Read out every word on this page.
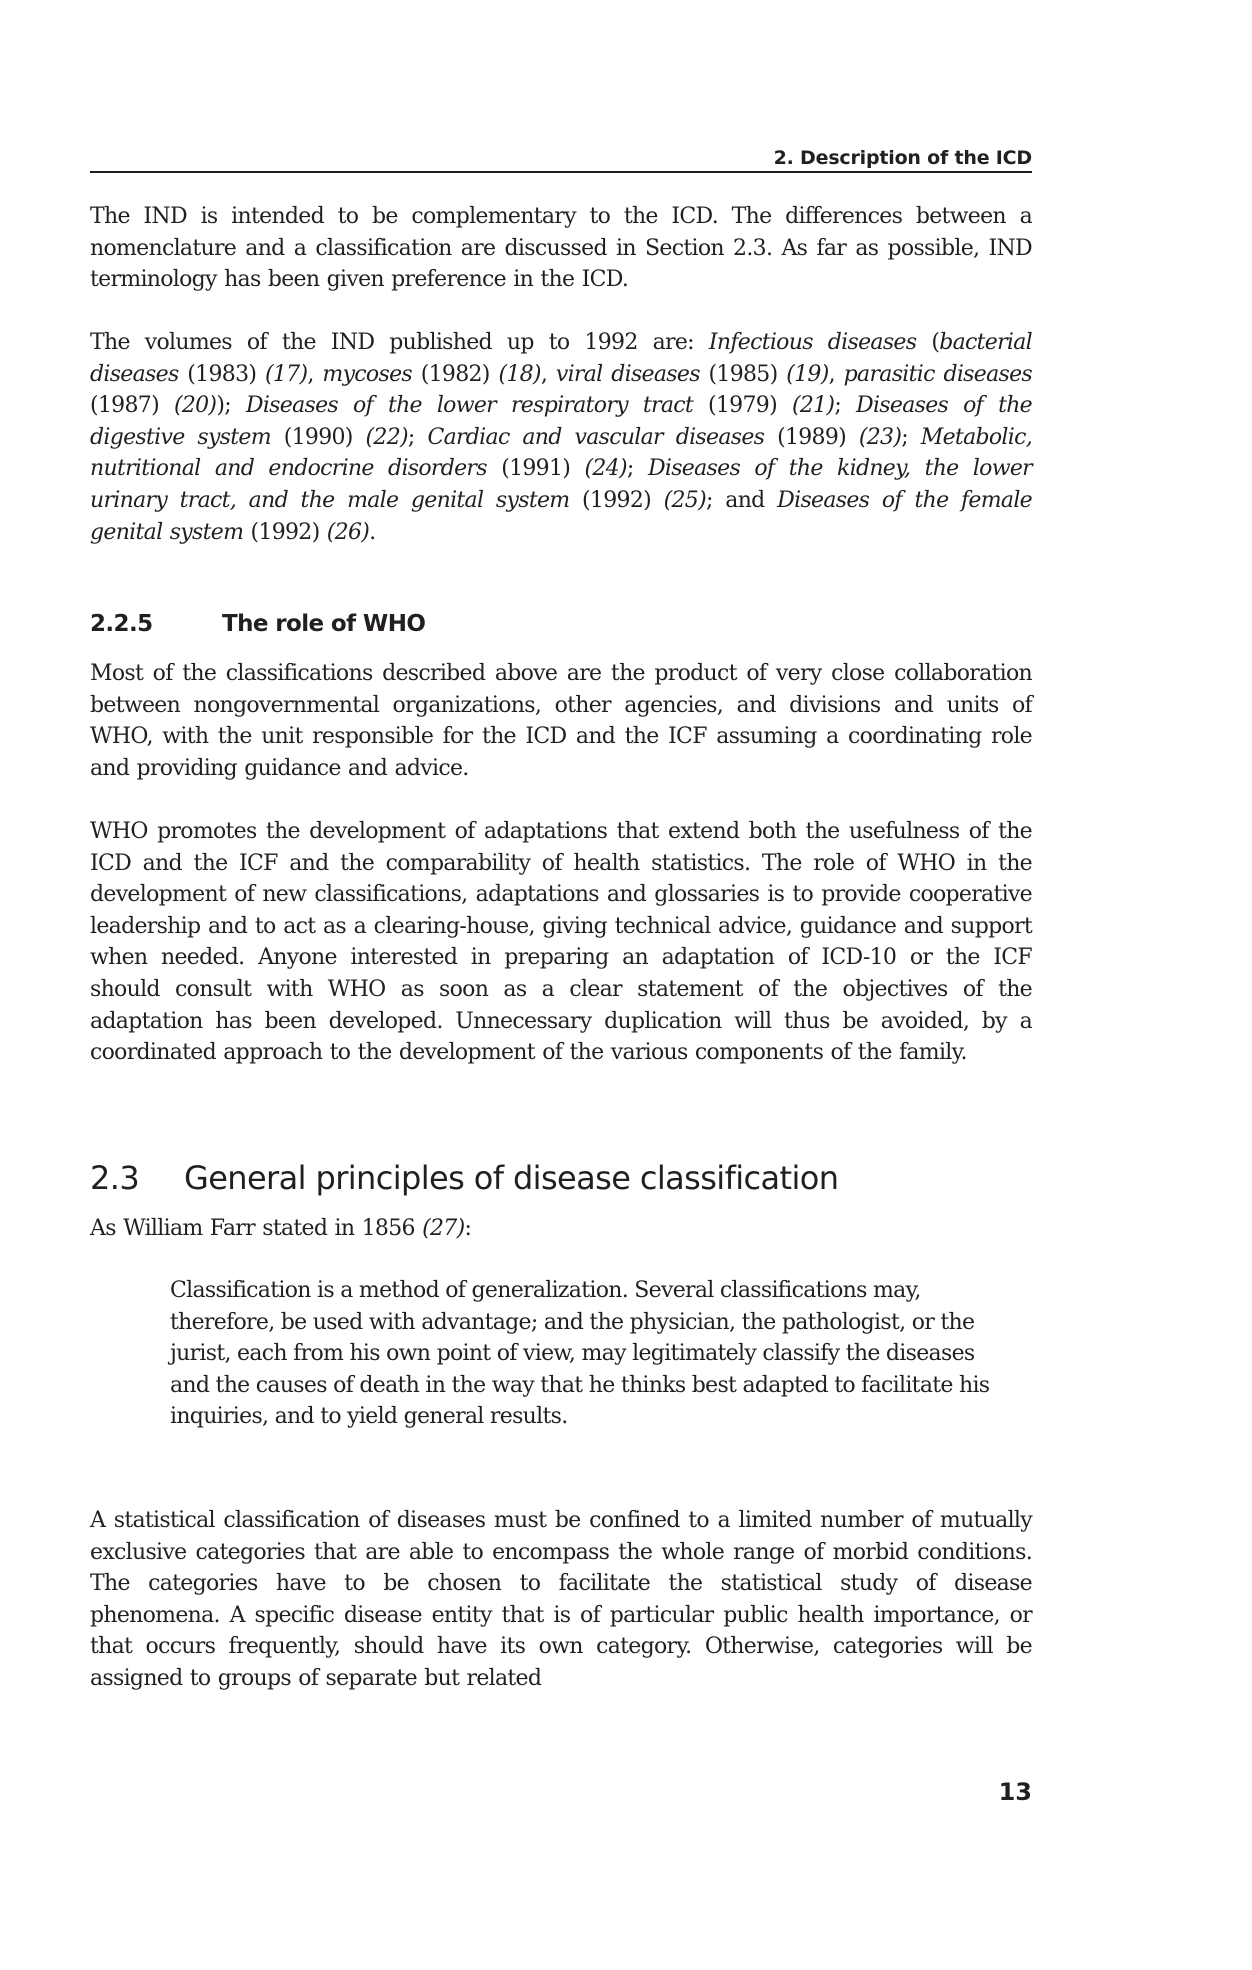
2. Description of the ICD

The IND is intended to be complementary to the ICD. The differences between a nomenclature and a classification are discussed in Section 2.3. As far as possible, IND terminology has been given preference in the ICD.

The volumes of the IND published up to 1992 are: Infectious diseases (bacterial diseases (1983) (17), mycoses (1982) (18), viral diseases (1985) (19), parasitic diseases (1987) (20)); Diseases of the lower respiratory tract (1979) (21); Diseases of the digestive system (1990) (22); Cardiac and vascular diseases (1989) (23); Metabolic, nutritional and endocrine disorders (1991) (24); Diseases of the kidney, the lower urinary tract, and the male genital system (1992) (25); and Diseases of the female genital system (1992) (26).

2.2.5	The role of WHO

Most of the classifications described above are the product of very close collaboration between nongovernmental organizations, other agencies, and divisions and units of WHO, with the unit responsible for the ICD and the ICF assuming a coordinating role and providing guidance and advice.

WHO promotes the development of adaptations that extend both the usefulness of the ICD and the ICF and the comparability of health statistics. The role of WHO in the development of new classifications, adaptations and glossaries is to provide cooperative leadership and to act as a clearing-house, giving technical advice, guidance and support when needed. Anyone interested in preparing an adaptation of ICD-10 or the ICF should consult with WHO as soon as a clear statement of the objectives of the adaptation has been developed. Unnecessary duplication will thus be avoided, by a coordinated approach to the development of the various components of the family.

2.3 General principles of disease classification

As William Farr stated in 1856 (27):

Classification is a method of generalization. Several classifications may, therefore, be used with advantage; and the physician, the pathologist, or the jurist, each from his own point of view, may legitimately classify the diseases and the causes of death in the way that he thinks best adapted to facilitate his inquiries, and to yield general results.

A statistical classification of diseases must be confined to a limited number of mutually exclusive categories that are able to encompass the whole range of morbid conditions. The categories have to be chosen to facilitate the statistical study of disease phenomena. A specific disease entity that is of particular public health importance, or that occurs frequently, should have its own category. Otherwise, categories will be assigned to groups of separate but related

13
